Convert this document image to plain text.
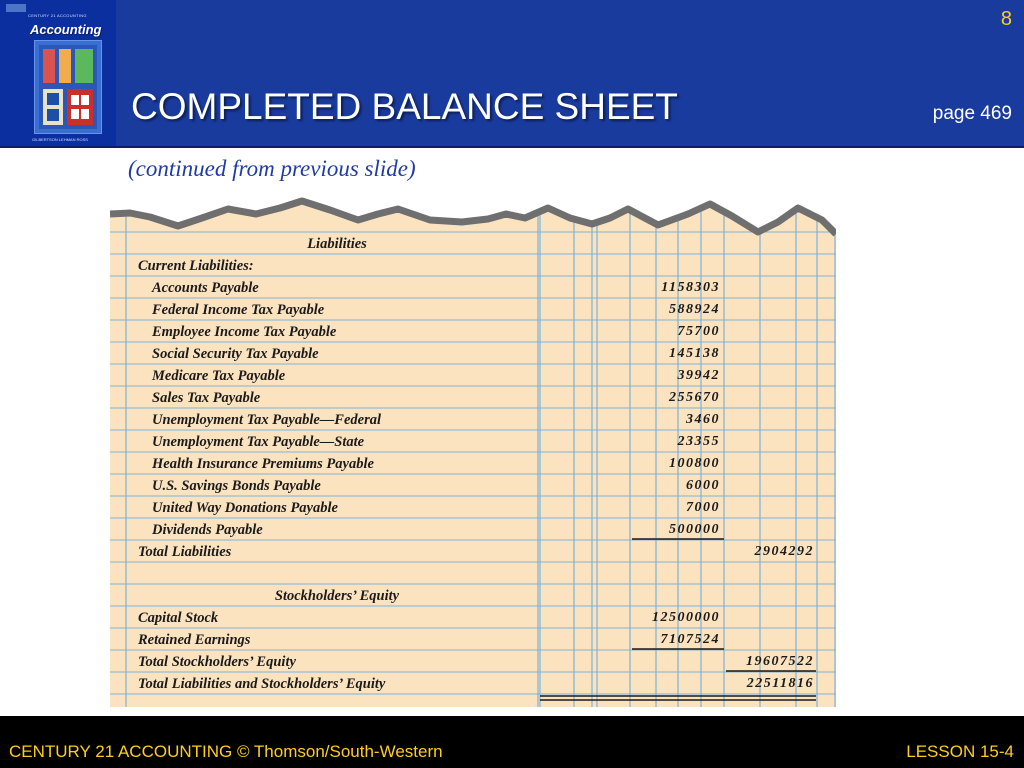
CENTURY 21 ACCOUNTING
Accounting
GILBERTSON LEHMAN ROSS
8
COMPLETED BALANCE SHEET	page 469
(continued from previous slide)
Liabilities
Current Liabilities:
Accounts Payable	1158303
Federal Income Tax Payable	588924
Employee Income Tax Payable	75700
Social Security Tax Payable	145138
Medicare Tax Payable	39942
Sales Tax Payable	255670
Unemployment Tax Payable—Federal	3460
Unemployment Tax Payable—State	23355
Health Insurance Premiums Payable	100800
U.S. Savings Bonds Payable	6000
United Way Donations Payable	7000
Dividends Payable	500000
Total Liabilities	2904292
Stockholders’ Equity
Capital Stock	12500000
Retained Earnings	7107524
Total Stockholders’ Equity	19607522
Total Liabilities and Stockholders’ Equity	22511816
CENTURY 21 ACCOUNTING © Thomson/South-Western	LESSON 15-4
